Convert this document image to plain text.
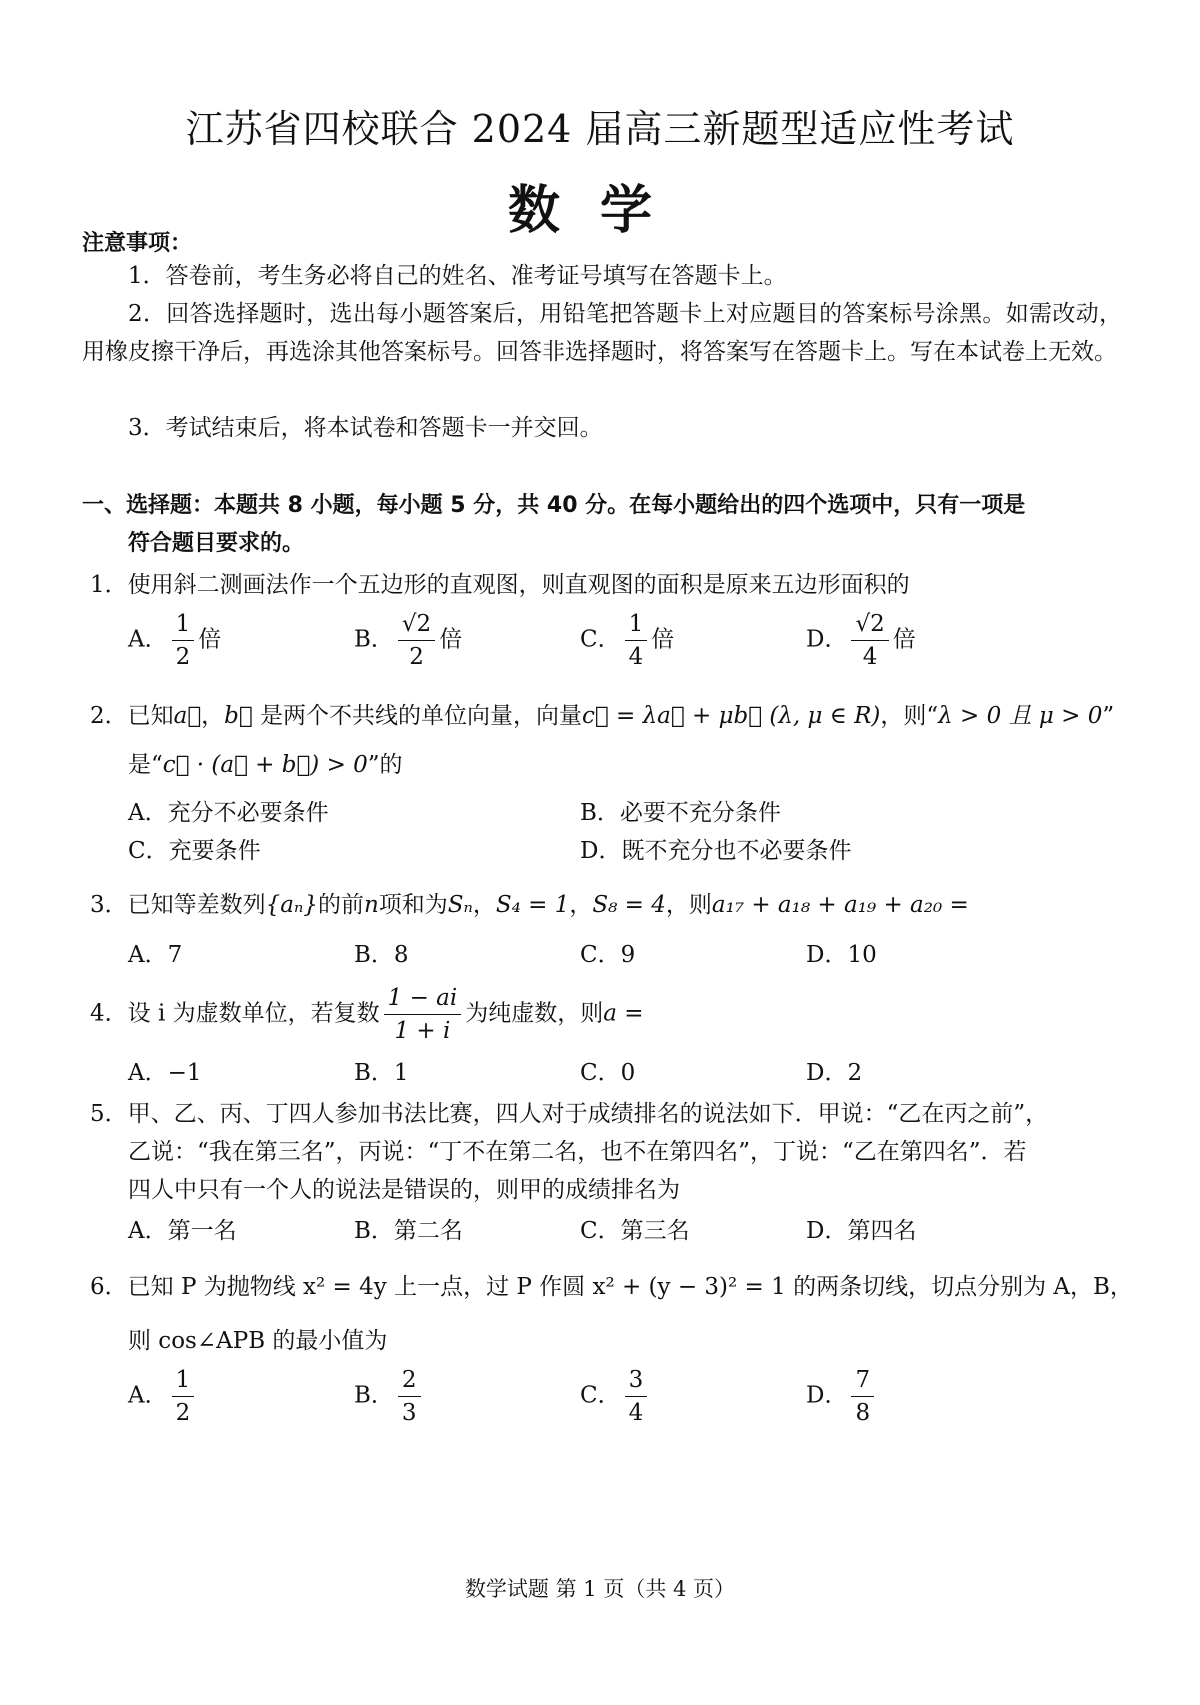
江苏省四校联合 2024 届高三新题型适应性考试
数学
注意事项：
1．答卷前，考生务必将自己的姓名、准考证号填写在答题卡上。
2．回答选择题时，选出每小题答案后，用铅笔把答题卡上对应题目的答案标号涂黑。如需改动，用橡皮擦干净后，再选涂其他答案标号。回答非选择题时，将答案写在答题卡上。写在本试卷上无效。
3．考试结束后，将本试卷和答题卡一并交回。
一、选择题：本题共 8 小题，每小题 5 分，共 40 分。在每小题给出的四个选项中，只有一项是
符合题目要求的。
1．使用斜二测画法作一个五边形的直观图，则直观图的面积是原来五边形面积的
A． $\frac{1}{2}$ 倍	B． $\frac{√2}{2}$ 倍	C． $\frac{1}{4}$ 倍	D． $\frac{√2}{4}$ 倍
2．已知a⃗，b⃗ 是两个不共线的单位向量，向量c⃗ = λa⃗ + μb⃗ (λ, μ ∈ R)，则“λ > 0 且 μ > 0”
是“c⃗ · (a⃗ + b⃗) > 0”的
A．充分不必要条件	B．必要不充分条件
C．充要条件	D．既不充分也不必要条件
3．已知等差数列{aₙ}的前n项和为Sₙ，S₄ = 1，S₈ = 4，则a₁₇ + a₁₈ + a₁₉ + a₂₀ =
A．7	B．8	C．9	D．10
4．设 i 为虚数单位，若复数 $\frac{1 - ai}{1 + i}$ 为纯虚数，则a =
A．−1	B．1	C．0	D．2
5．甲、乙、丙、丁四人参加书法比赛，四人对于成绩排名的说法如下．甲说：“乙在丙之前”，
乙说：“我在第三名”，丙说：“丁不在第二名，也不在第四名”，丁说：“乙在第四名”．若
四人中只有一个人的说法是错误的，则甲的成绩排名为
A．第一名	B．第二名	C．第三名	D．第四名
6．已知 P 为抛物线 x² = 4y 上一点，过 P 作圆 x² + (y − 3)² = 1 的两条切线，切点分别为 A，B，
则 cos∠APB 的最小值为
A． $\frac{1}{2}$	B． $\frac{2}{3}$	C． $\frac{3}{4}$	D． $\frac{7}{8}$
数学试题 第 1 页（共 4 页）
